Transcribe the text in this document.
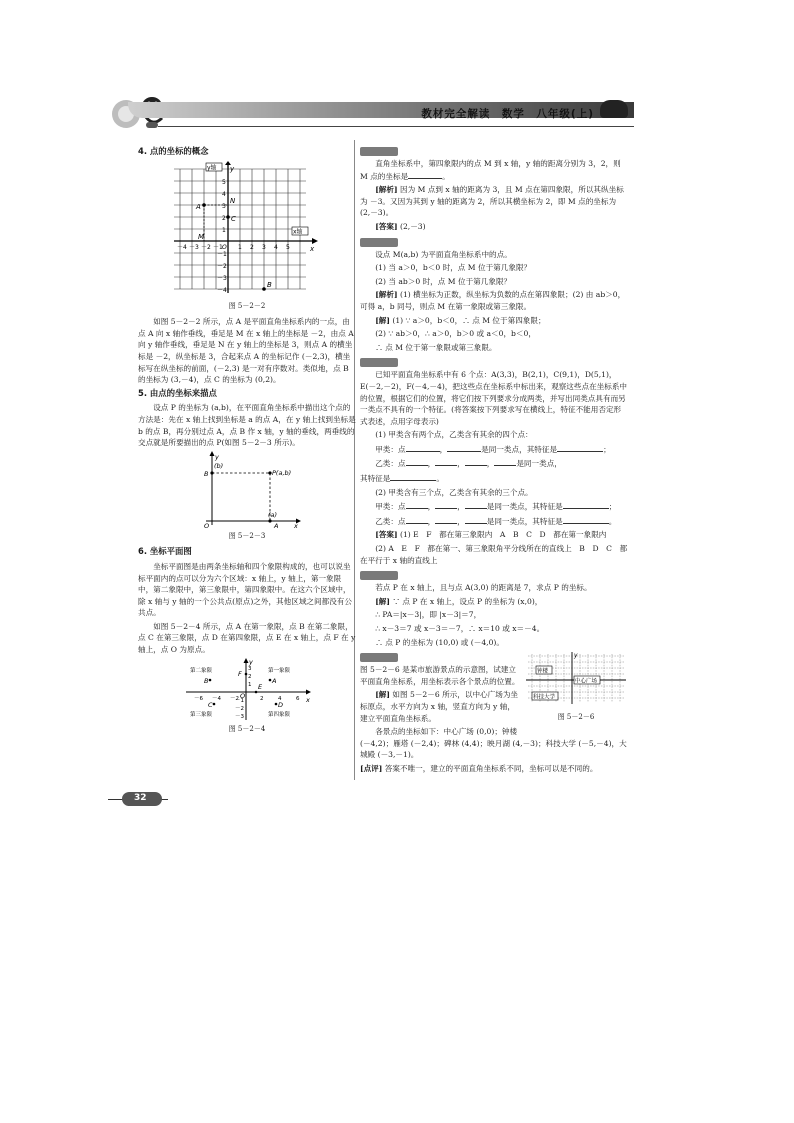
教材完全解读　数学　八年级(上)
4. 点的坐标的概念
y轴 y
x轴
x
－4 －3 －2 －1 O 1 2 3 4 5
5
4
3
2
1
－1
－2
－3
－4
A
B
C
M
N
图 5－2－2
如图 5－2－2 所示，点 A 是平面直角坐标系内的一点，由点 A 向 x 轴作垂线，垂足是 M 在 x 轴上的坐标是 －2，由点 A 向 y 轴作垂线，垂足是 N 在 y 轴上的坐标是 3，则点 A 的横坐标是 －2，纵坐标是 3，合起来点 A 的坐标记作 (－2,3)，横坐标写在纵坐标的前面，(－2,3) 是一对有序数对。类似地，点 B 的坐标为 (3,－4)，点 C 的坐标为 (0,2)。
5. 由点的坐标来描点
设点 P 的坐标为 (a,b)，在平面直角坐标系中描出这个点的方法是：先在 x 轴上找到坐标是 a 的点 A，在 y 轴上找到坐标是 b 的点 B，再分别过点 A，点 B 作 x 轴，y 轴的垂线，两垂线的交点就是所要描出的点 P(如图 5－2－3 所示)。
y
x
O
B
(b)
P(a,b)
A
(a)
图 5－2－3
6. 坐标平面图
坐标平面图是由两条坐标轴和四个象限构成的，也可以说坐标平面内的点可以分为六个区域：x 轴上，y 轴上，第一象限中，第二象限中，第三象限中，第四象限中。在这六个区域中，除 x 轴与 y 轴的一个公共点(原点)之外，其他区域之间都没有公共点。
如图 5－2－4 所示，点 A 在第一象限，点 B 在第二象限，点 C 在第三象限，点 D 在第四象限，点 E 在 x 轴上，点 F 在 y 轴上，点 O 为原点。
第二象限	第一象限
第三象限	第四象限
－6 －4 －2	2	4	6
3
2
1
－1
－2
－3
x
y
A
B
C	D
E
F
O
图 5－2－4
直角坐标系中，第四象限内的点 M 到 x 轴，y 轴的距离分别为 3，2，则 M 点的坐标是	。
[解析] 因为 M 点到 x 轴的距离为 3，且 M 点在第四象限，所以其纵坐标为 －3。又因为其到 y 轴的距离为 2，所以其横坐标为 2，即 M 点的坐标为 (2,－3)。
[答案] (2,－3)
设点 M(a,b) 为平面直角坐标系中的点。
(1) 当 a＞0，b＜0 时，点 M 位于第几象限？
(2) 当 ab＞0 时，点 M 位于第几象限？
[解析] (1) 横坐标为正数，纵坐标为负数的点在第四象限；(2) 由 ab＞0，可得 a，b 同号，则点 M 在第一象限或第三象限。
[解] (1) ∵ a＞0，b＜0，∴ 点 M 位于第四象限；
(2) ∵ ab＞0，∴ a＞0，b＞0 或 a＜0，b＜0，
∴ 点 M 位于第一象限或第三象限。
已知平面直角坐标系中有 6 个点：A(3,3)，B(2,1)，C(9,1)，D(5,1)，E(－2,－2)，F(－4,－4)，把这些点在坐标系中标出来，观察这些点在坐标系中的位置，根据它们的位置，将它们按下列要求分成两类，并写出同类点具有而另一类点不具有的一个特征。(将答案按下列要求写在横线上，特征不能用否定形式表述，点用字母表示)
(1) 甲类含有两个点，乙类含有其余的四个点：
甲类：点	，	是同一类点，其特征是	；
乙类：点	，	，	，	是同一类点，
其特征是	。
(2) 甲类含有三个点，乙类含有其余的三个点。
甲类：点	，	，	是同一类点，其特征是	；
乙类：点	，	，	是同一类点，其特征是	。
[答案] (1) E　F　都在第三象限内　A　B　C　D　都在第一象限内
(2) A　E　F　都在第一、第三象限角平分线所在的直线上　B　D　C　都在平行于 x 轴的直线上
若点 P 在 x 轴上，且与点 A(3,0) 的距离是 7，求点 P 的坐标。
[解] ∵ 点 P 在 x 轴上，设点 P 的坐标为 (x,0)，
∴ PA＝|x－3|，即 |x－3|＝7，
∴ x－3＝7 或 x－3＝－7，∴ x＝10 或 x＝－4。
∴ 点 P 的坐标为 (10,0) 或 (－4,0)。
y
钟楼
中心广场
科技大学
图 5－2－6
图 5－2－6 是某市旅游景点的示意图，试建立平面直角坐标系，用坐标表示各个景点的位置。
[解] 如图 5－2－6 所示，以中心广场为坐标原点，水平方向为 x 轴，竖直方向为 y 轴，建立平面直角坐标系。
各景点的坐标如下：中心广场 (0,0)；钟楼 (－4,2)；雁塔 (－2,4)；碑林 (4,4)；映月湖 (4,－3)；科技大学 (－5,－4)，大城殿 (－3,－1)。
[点评] 答案不唯一，建立的平面直角坐标系不同，坐标可以是不同的。
32
